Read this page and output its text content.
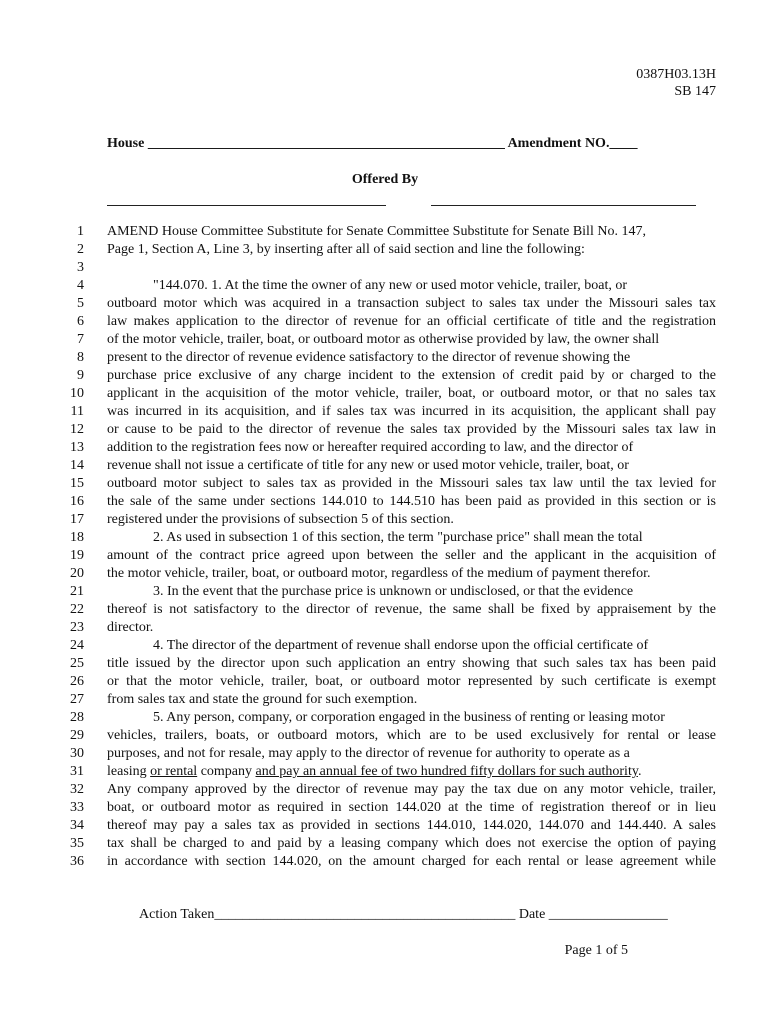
0387H03.13H
SB 147
House ___________________________________________________ Amendment NO.____
Offered By
1 AMEND House Committee Substitute for Senate Committee Substitute for Senate Bill No. 147,
2 Page 1, Section A, Line 3, by inserting after all of said section and line the following:
3
4	"144.070. 1. At the time the owner of any new or used motor vehicle, trailer, boat, or
5 outboard motor which was acquired in a transaction subject to sales tax under the Missouri sales tax
6 law makes application to the director of revenue for an official certificate of title and the registration
7 of the motor vehicle, trailer, boat, or outboard motor as otherwise provided by law, the owner shall
8 present to the director of revenue evidence satisfactory to the director of revenue showing the
9 purchase price exclusive of any charge incident to the extension of credit paid by or charged to the
10 applicant in the acquisition of the motor vehicle, trailer, boat, or outboard motor, or that no sales tax
11 was incurred in its acquisition, and if sales tax was incurred in its acquisition, the applicant shall pay
12 or cause to be paid to the director of revenue the sales tax provided by the Missouri sales tax law in
13 addition to the registration fees now or hereafter required according to law, and the director of
14 revenue shall not issue a certificate of title for any new or used motor vehicle, trailer, boat, or
15 outboard motor subject to sales tax as provided in the Missouri sales tax law until the tax levied for
16 the sale of the same under sections 144.010 to 144.510 has been paid as provided in this section or is
17 registered under the provisions of subsection 5 of this section.
18	2. As used in subsection 1 of this section, the term "purchase price" shall mean the total
19 amount of the contract price agreed upon between the seller and the applicant in the acquisition of
20 the motor vehicle, trailer, boat, or outboard motor, regardless of the medium of payment therefor.
21	3. In the event that the purchase price is unknown or undisclosed, or that the evidence
22 thereof is not satisfactory to the director of revenue, the same shall be fixed by appraisement by the
23 director.
24	4. The director of the department of revenue shall endorse upon the official certificate of
25 title issued by the director upon such application an entry showing that such sales tax has been paid
26 or that the motor vehicle, trailer, boat, or outboard motor represented by such certificate is exempt
27 from sales tax and state the ground for such exemption.
28	5. Any person, company, or corporation engaged in the business of renting or leasing motor
29 vehicles, trailers, boats, or outboard motors, which are to be used exclusively for rental or lease
30 purposes, and not for resale, may apply to the director of revenue for authority to operate as a
31 leasing or rental company and pay an annual fee of two hundred fifty dollars for such authority.
32 Any company approved by the director of revenue may pay the tax due on any motor vehicle, trailer,
33 boat, or outboard motor as required in section 144.020 at the time of registration thereof or in lieu
34 thereof may pay a sales tax as provided in sections 144.010, 144.020, 144.070 and 144.440. A sales
35 tax shall be charged to and paid by a leasing company which does not exercise the option of paying
36 in accordance with section 144.020, on the amount charged for each rental or lease agreement while
Action Taken___________________________________________ Date _________________
Page 1 of 5
